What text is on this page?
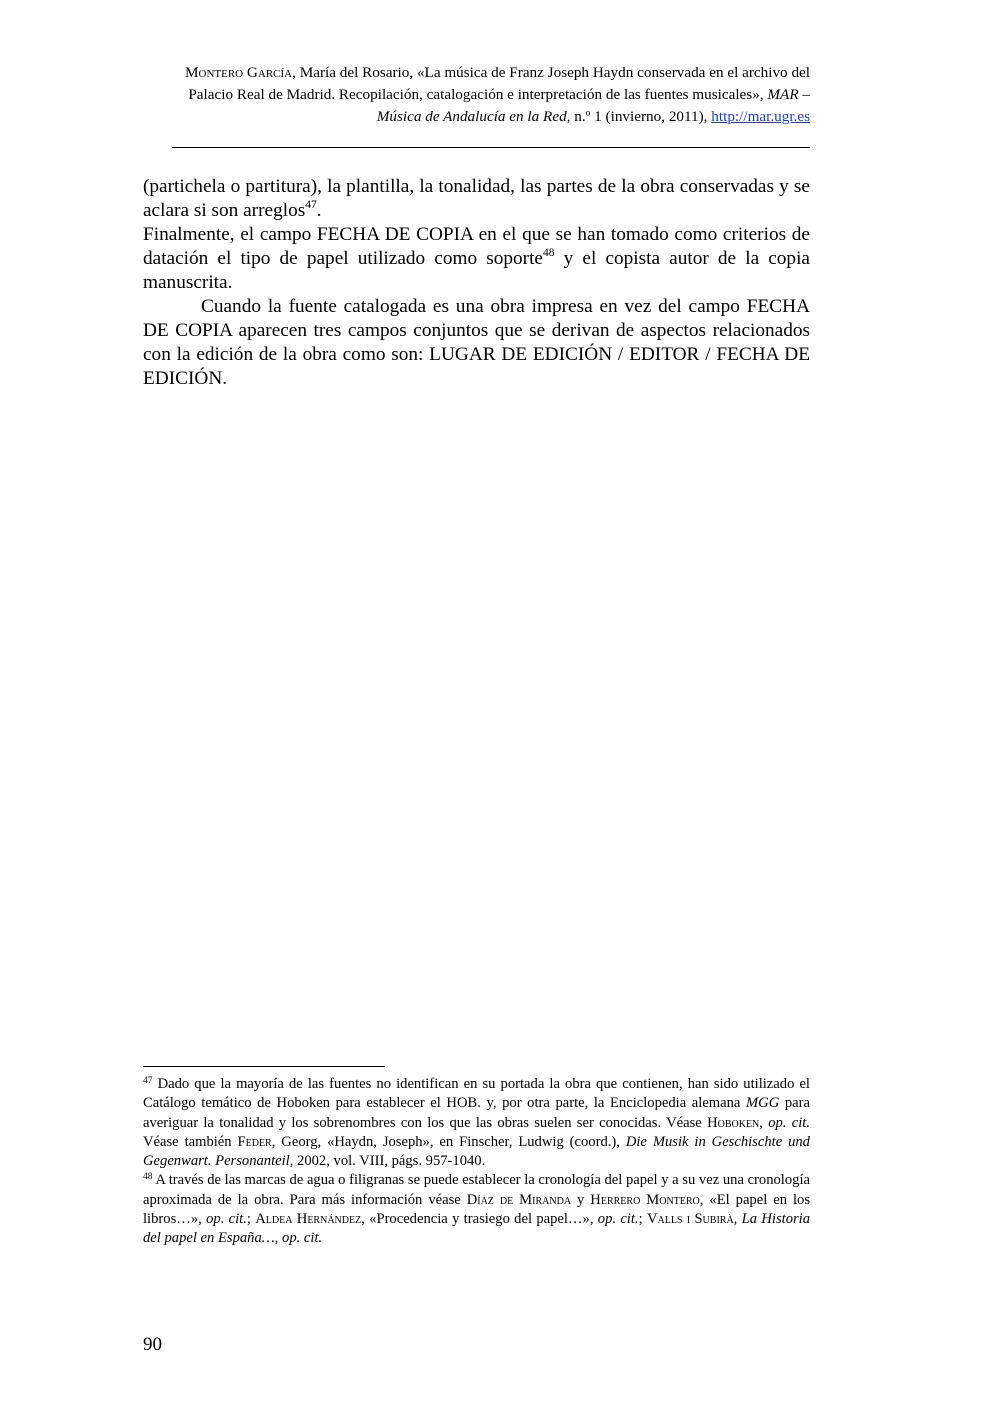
Montero García, María del Rosario, «La música de Franz Joseph Haydn conservada en el archivo del Palacio Real de Madrid. Recopilación, catalogación e interpretación de las fuentes musicales», MAR – Música de Andalucía en la Red, n.º 1 (invierno, 2011), http://mar.ugr.es

(partichela o partitura), la plantilla, la tonalidad, las partes de la obra conservadas y se aclara si son arreglos$^{47}$.

Finalmente, el campo FECHA DE COPIA en el que se han tomado como criterios de datación el tipo de papel utilizado como soporte$^{48}$ y el copista autor de la copia manuscrita.

Cuando la fuente catalogada es una obra impresa en vez del campo FECHA DE COPIA aparecen tres campos conjuntos que se derivan de aspectos relacionados con la edición de la obra como son: LUGAR DE EDICIÓN / EDITOR / FECHA DE EDICIÓN.

$^{47}$ Dado que la mayoría de las fuentes no identifican en su portada la obra que contienen, han sido utilizado el Catálogo temático de Hoboken para establecer el HOB. y, por otra parte, la Enciclopedia alemana MGG para averiguar la tonalidad y los sobrenombres con los que las obras suelen ser conocidas. Véase Hoboken, op. cit. Véase también Feder, Georg, «Haydn, Joseph», en Finscher, Ludwig (coord.), Die Musik in Geschischte und Gegenwart. Personanteil, 2002, vol. VIII, págs. 957-1040.

$^{48}$ A través de las marcas de agua o filigranas se puede establecer la cronología del papel y a su vez una cronología aproximada de la obra. Para más información véase Díaz de Miranda y Herrero Montero, «El papel en los libros…», op. cit.; Aldea Hernández, «Procedencia y trasiego del papel…», op. cit.; Valls i Subirà, La Historia del papel en España…, op. cit.

90
